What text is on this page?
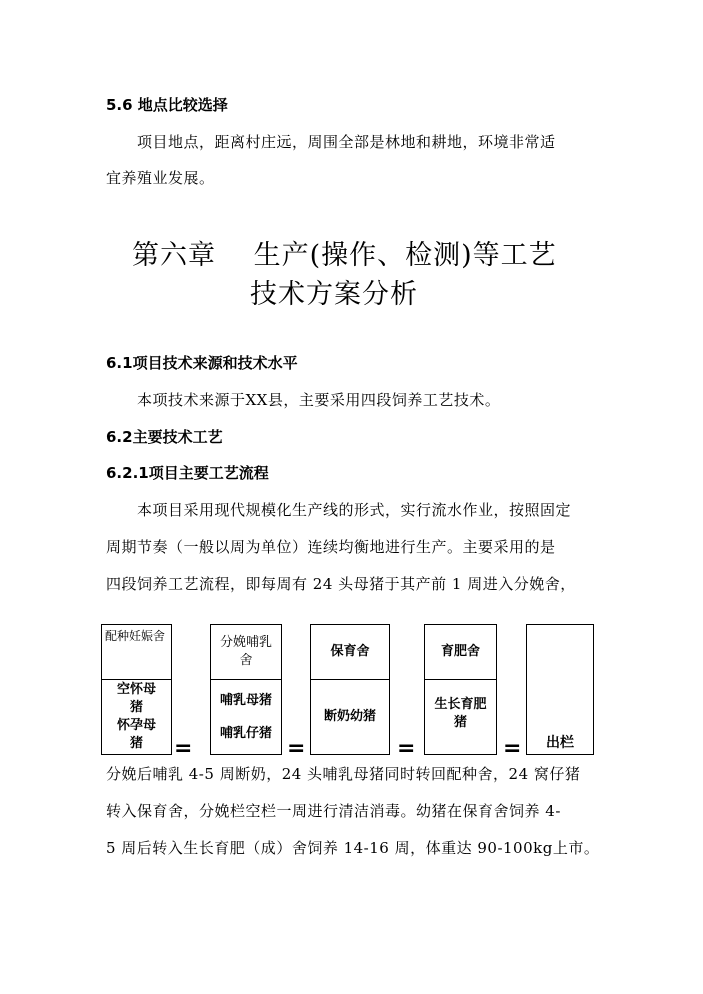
5.6 地点比较选择
项目地点，距离村庄远，周围全部是林地和耕地，环境非常适
宜养殖业发展。
第六章　 生产(操作、检测)等工艺
技术方案分析
6.1项目技术来源和技术水平
本项技术来源于XX县，主要采用四段饲养工艺技术。
6.2主要技术工艺
6.2.1项目主要工艺流程
本项目采用现代规模化生产线的形式，实行流水作业，按照固定
周期节奏（一般以周为单位）连续均衡地进行生产。主要采用的是
四段饲养工艺流程，即每周有 24 头母猪于其产前 1 周进入分娩舍，
配种妊娠舍
空怀母
猪
怀孕母
猪 =
分娩哺乳
舍
哺乳母猪
哺乳仔猪
=
保育舍
断奶幼猪
=
育肥舍
生长育肥
猪
=	出栏
分娩后哺乳 4-5 周断奶，24 头哺乳母猪同时转回配种舍，24 窝仔猪
转入保育舍，分娩栏空栏一周进行清洁消毒。幼猪在保育舍饲养 4-
5 周后转入生长育肥（成）舍饲养 14-16 周，体重达 90-100kg上市。
